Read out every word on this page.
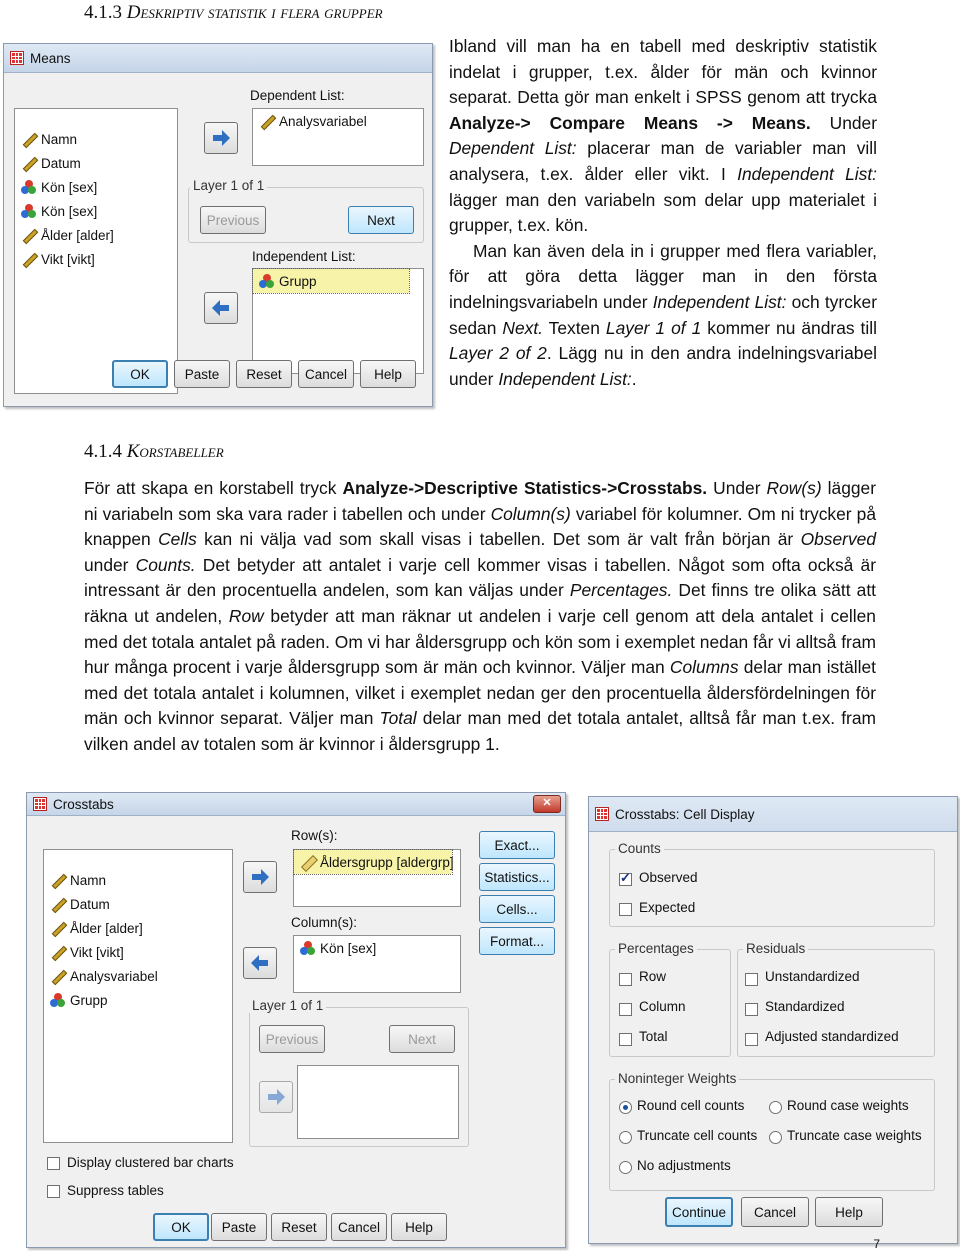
4.1.3 Deskriptiv statistik i flera grupper
Means
Namn
Datum
Kön [sex]
Kön [sex]
Ålder [alder]
Vikt [vikt]
Dependent List:
Analysvariabel
Layer 1 of 1
Previous	Next
Independent List:
Grupp
OK	Paste	Reset	Cancel	Help

Ibland vill man ha en tabell med deskriptiv statistik indelat i grupper, t.ex. ålder för män och kvinnor separat. Detta gör man enkelt i SPSS genom att trycka Analyze-> Compare Means -> Means. Under Dependent List: placerar man de variabler man vill analysera, t.ex. ålder eller vikt. I Independent List: lägger man den variabeln som delar upp materialet i grupper, t.ex. kön.

Man kan även dela in i grupper med flera variabler, för att göra detta lägger man in den första indelningsvariabeln under Independent List: och tyrcker sedan Next. Texten Layer 1 of 1 kommer nu ändras till Layer 2 of 2. Lägg nu in den andra indelningsvariabel under Independent List:.

4.1.4 Korstabeller

För att skapa en korstabell tryck Analyze->Descriptive Statistics->Crosstabs. Under Row(s) lägger ni variabeln som ska vara rader i tabellen och under Column(s) variabel för kolumner. Om ni trycker på knappen Cells kan ni välja vad som skall visas i tabellen. Det som är valt från början är Observed under Counts. Det betyder att antalet i varje cell kommer visas i tabellen. Något som ofta också är intressant är den procentuella andelen, som kan väljas under Percentages. Det finns tre olika sätt att räkna ut andelen, Row betyder att man räknar ut andelen i varje cell genom att dela antalet i cellen med det totala antalet på raden. Om vi har åldersgrupp och kön som i exemplet nedan får vi alltså fram hur många procent i varje åldersgrupp som är män och kvinnor. Väljer man Columns delar man istället med det totala antalet i kolumnen, vilket i exemplet nedan ger den procentuella åldersfördelningen för män och kvinnor separat. Väljer man Total delar man med det totala antalet, alltså får man t.ex. fram vilken andel av totalen som är kvinnor i åldersgrupp 1.

Crosstabs	✕
Namn
Datum
Ålder [alder]
Vikt [vikt]
Analysvariabel
Grupp
Row(s):
Åldersgrupp [aldergrp]
Column(s):
Kön [sex]
Layer 1 of 1
Previous	Next
Exact...
Statistics...
Cells...
Format...
Display clustered bar charts
Suppress tables
OK	Paste	Reset	Cancel	Help
Crosstabs: Cell Display
Counts
✓
Observed
Expected
Percentages
Row
Column
Total
Residuals
Unstandardized
Standardized
Adjusted standardized
Noninteger Weights
Round cell counts	Round case weights
Truncate cell counts Truncate case weights
No adjustments
Continue	Cancel	Help
7
